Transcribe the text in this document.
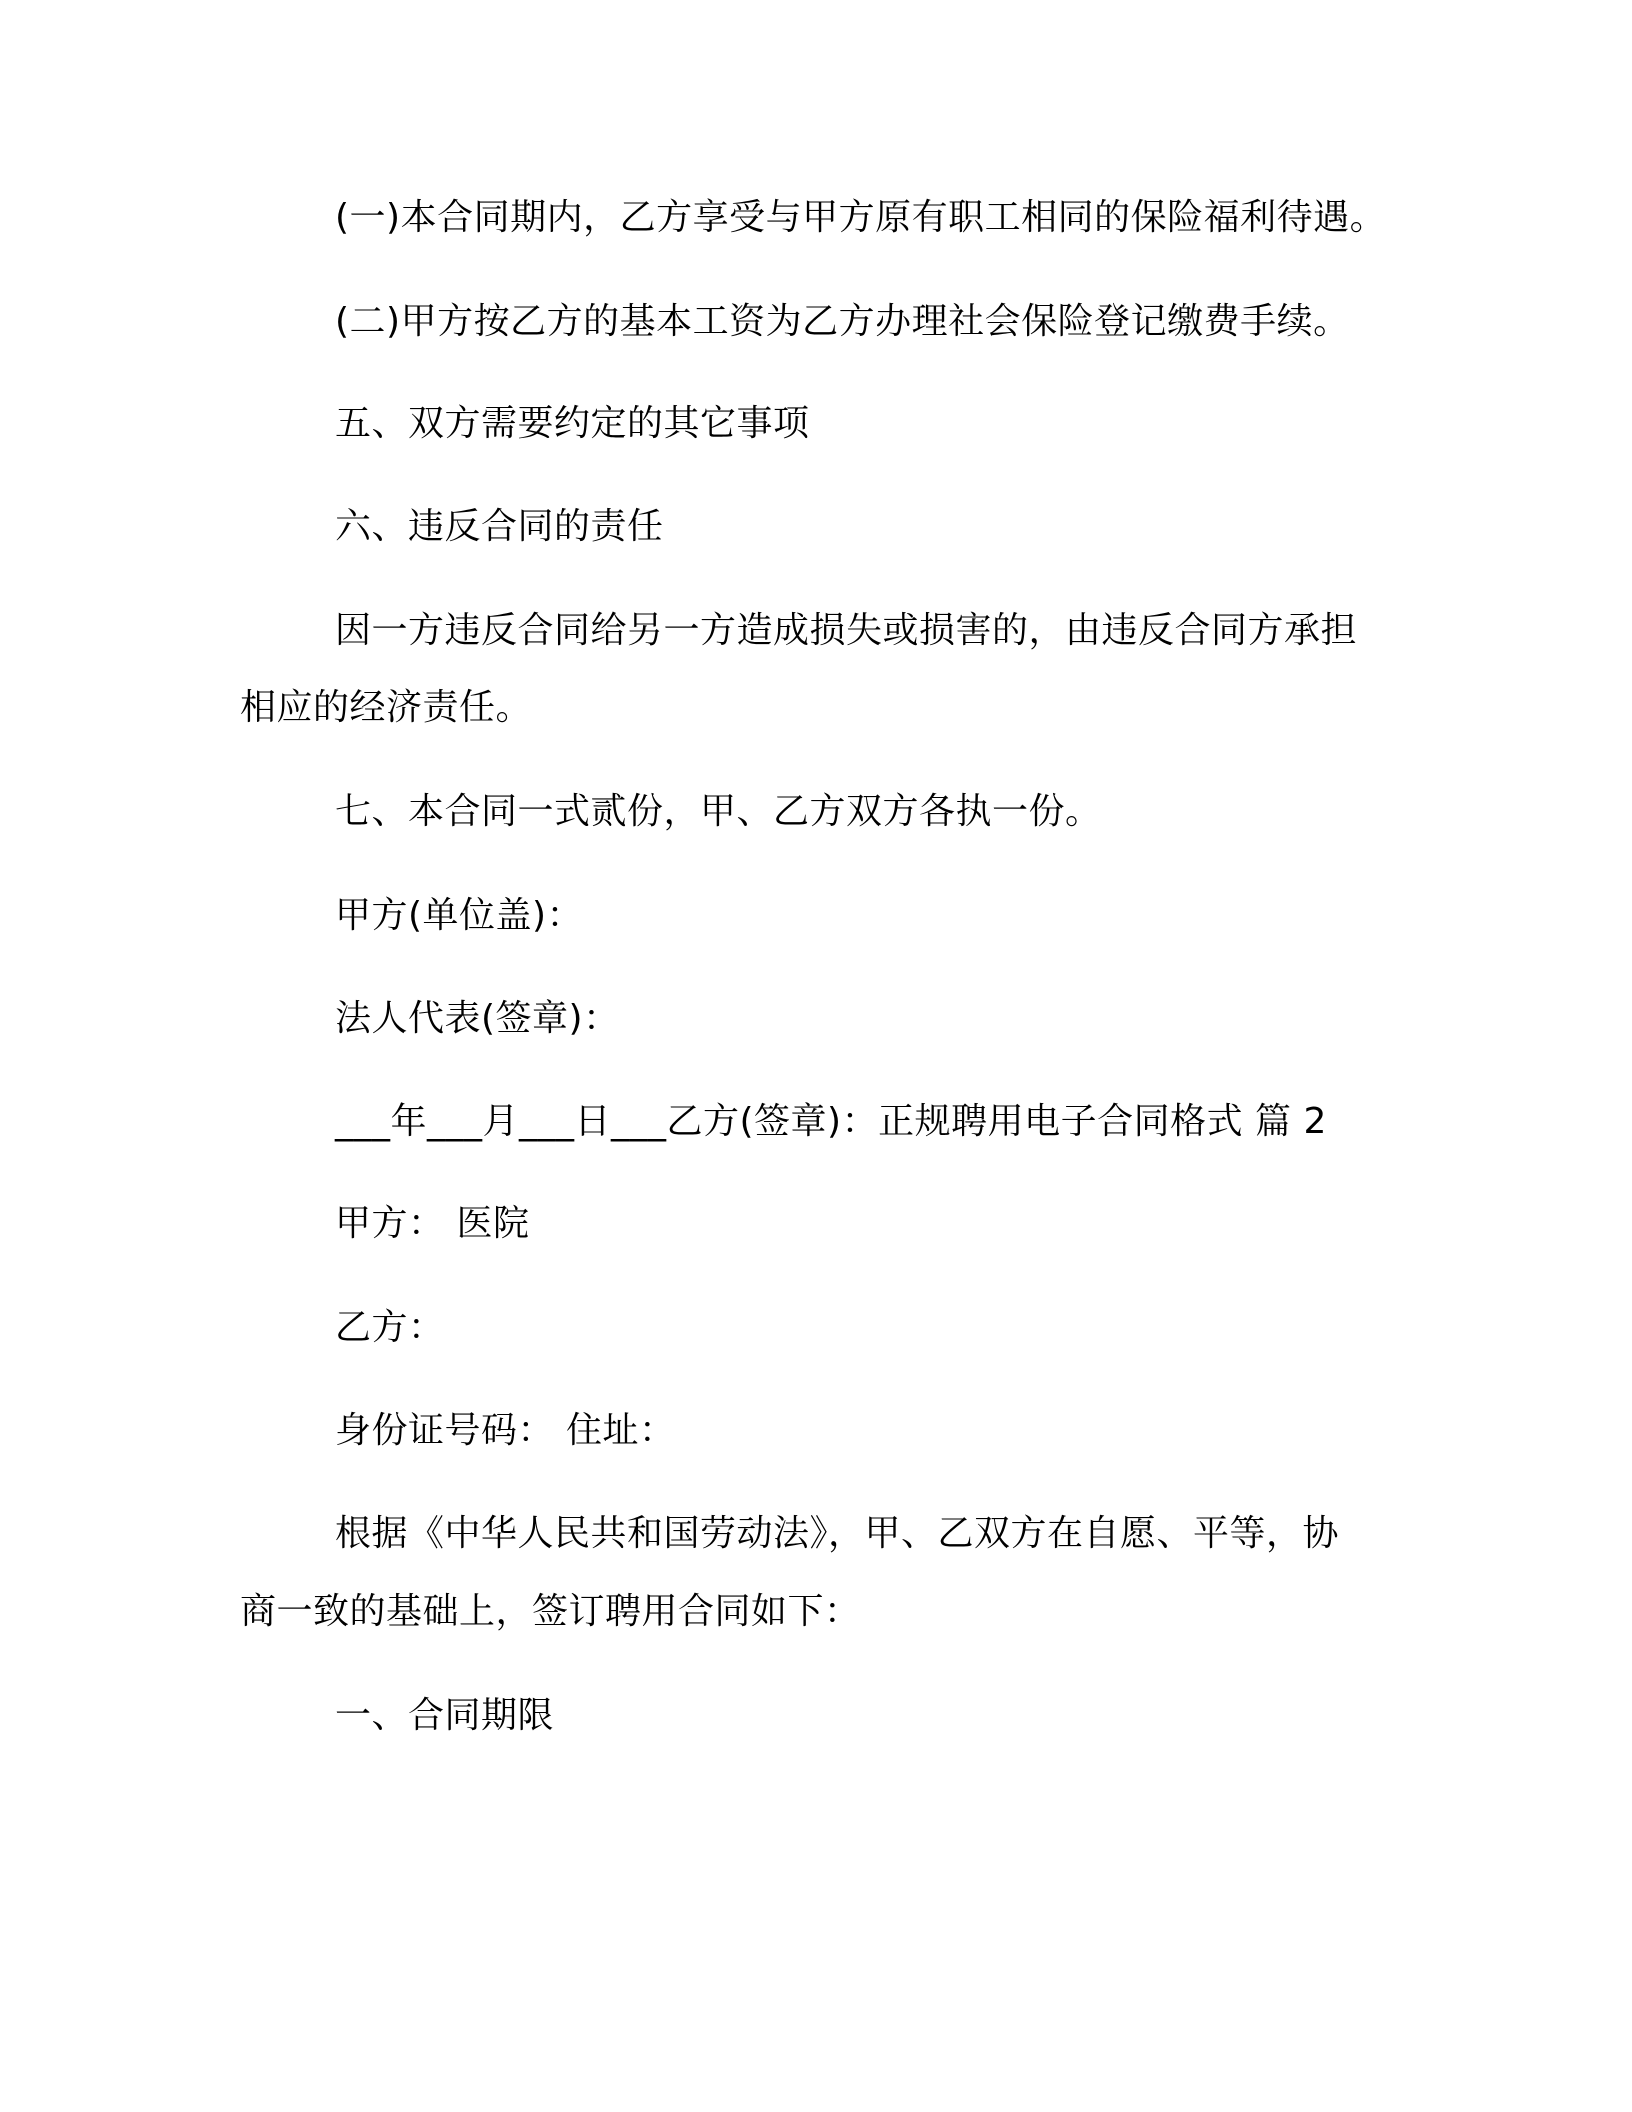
(一)本合同期内，乙方享受与甲方原有职工相同的保险福利待遇。
(二)甲方按乙方的基本工资为乙方办理社会保险登记缴费手续。
五、双方需要约定的其它事项
六、违反合同的责任
因一方违反合同给另一方造成损失或损害的，由违反合同方承担
相应的经济责任。
七、本合同一式贰份，甲、乙方双方各执一份。
甲方(单位盖)：
法人代表(签章)：
___年___月___日___乙方(签章)：正规聘用电子合同格式 篇 2
甲方： 医院
乙方：
身份证号码： 住址：
根据《中华人民共和国劳动法》，甲、乙双方在自愿、平等，协
商一致的基础上，签订聘用合同如下：
一、合同期限
